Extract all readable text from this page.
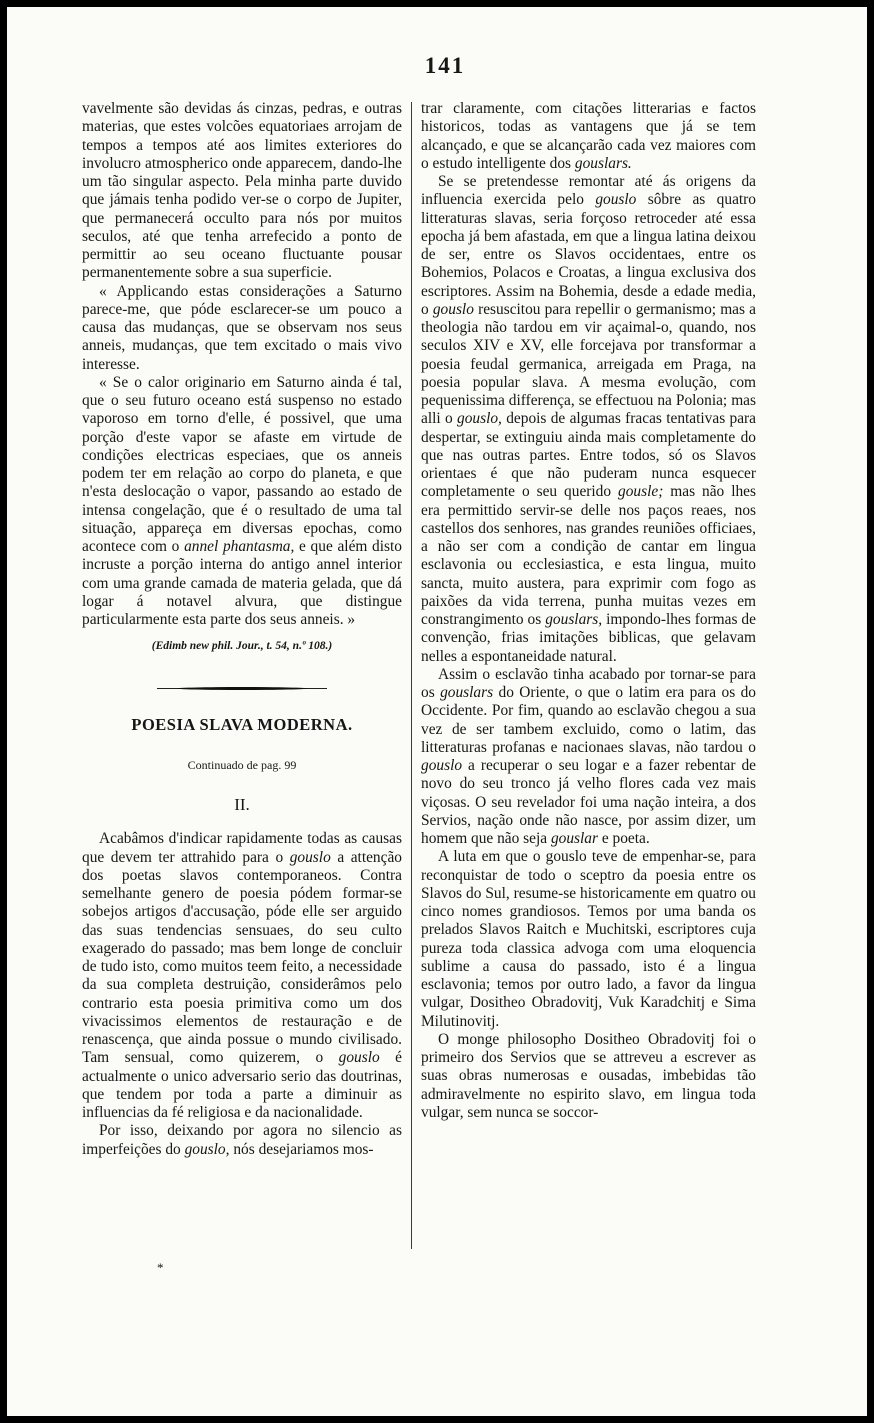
141

vavelmente são devidas ás cinzas, pedras, e outras materias, que estes volcões equatoriaes arrojam de tempos a tempos até aos limites exteriores do involucro atmospherico onde apparecem, dando-lhe um tão singular aspecto. Pela minha parte duvido que jámais tenha podido ver-se o corpo de Jupiter, que permanecerá occulto para nós por muitos seculos, até que tenha arrefecido a ponto de permittir ao seu oceano fluctuante pousar permanentemente sobre a sua superficie.

« Applicando estas considerações a Saturno parece-me, que póde esclarecer-se um pouco a causa das mudanças, que se observam nos seus anneis, mudanças, que tem excitado o mais vivo interesse.

« Se o calor originario em Saturno ainda é tal, que o seu futuro oceano está suspenso no estado vaporoso em torno d'elle, é possivel, que uma porção d'este vapor se afaste em virtude de condições electricas especiaes, que os anneis podem ter em relação ao corpo do planeta, e que n'esta deslocação o vapor, passando ao estado de intensa congelação, que é o resultado de uma tal situação, appareça em diversas epochas, como acontece com o annel phantasma, e que além disto incruste a porção interna do antigo annel interior com uma grande camada de materia gelada, que dá logar á notavel alvura, que distingue particularmente esta parte dos seus anneis. »

(Edimb new phil. Jour., t. 54, n.º 108.)
POESIA SLAVA MODERNA.
Continuado de pag. 99
II.

Acabâmos d'indicar rapidamente todas as causas que devem ter attrahido para o gouslo a attenção dos poetas slavos contemporaneos. Contra semelhante genero de poesia pódem formar-se sobejos artigos d'accusação, póde elle ser arguido das suas tendencias sensuaes, do seu culto exagerado do passado; mas bem longe de concluir de tudo isto, como muitos teem feito, a necessidade da sua completa destruição, considerâmos pelo contrario esta poesia primitiva como um dos vivacissimos elementos de restauração e de renascença, que ainda possue o mundo civilisado. Tam sensual, como quizerem, o gouslo é actualmente o unico adversario serio das doutrinas, que tendem por toda a parte a diminuir as influencias da fé religiosa e da nacionalidade.

Por isso, deixando por agora no silencio as imperfeições do gouslo, nós desejariamos mos-

trar claramente, com citações litterarias e factos historicos, todas as vantagens que já se tem alcançado, e que se alcançarão cada vez maiores com o estudo intelligente dos gouslars.

Se se pretendesse remontar até ás origens da influencia exercida pelo gouslo sôbre as quatro litteraturas slavas, seria forçoso retroceder até essa epocha já bem afastada, em que a lingua latina deixou de ser, entre os Slavos occidentaes, entre os Bohemios, Polacos e Croatas, a lingua exclusiva dos escriptores. Assim na Bohemia, desde a edade media, o gouslo resuscitou para repellir o germanismo; mas a theologia não tardou em vir açaimal-o, quando, nos seculos XIV e XV, elle forcejava por transformar a poesia feudal germanica, arreigada em Praga, na poesia popular slava. A mesma evolução, com pequenissima differença, se effectuou na Polonia; mas alli o gouslo, depois de algumas fracas tentativas para despertar, se extinguiu ainda mais completamente do que nas outras partes. Entre todos, só os Slavos orientaes é que não puderam nunca esquecer completamente o seu querido gousle; mas não lhes era permittido servir-se delle nos paços reaes, nos castellos dos senhores, nas grandes reuniões officiaes, a não ser com a condição de cantar em lingua esclavonia ou ecclesiastica, e esta lingua, muito sancta, muito austera, para exprimir com fogo as paixões da vida terrena, punha muitas vezes em constrangimento os gouslars, impondo-lhes formas de convenção, frias imitações biblicas, que gelavam nelles a espontaneidade natural.

Assim o esclavão tinha acabado por tornar-se para os gouslars do Oriente, o que o latim era para os do Occidente. Por fim, quando ao esclavão chegou a sua vez de ser tambem excluido, como o latim, das litteraturas profanas e nacionaes slavas, não tardou o gouslo a recuperar o seu logar e a fazer rebentar de novo do seu tronco já velho flores cada vez mais viçosas. O seu revelador foi uma nação inteira, a dos Servios, nação onde não nasce, por assim dizer, um homem que não seja gouslar e poeta.

A luta em que o gouslo teve de empenhar-se, para reconquistar de todo o sceptro da poesia entre os Slavos do Sul, resume-se historicamente em quatro ou cinco nomes grandiosos. Temos por uma banda os prelados Slavos Raitch e Muchitski, escriptores cuja pureza toda classica advoga com uma eloquencia sublime a causa do passado, isto é a lingua esclavonia; temos por outro lado, a favor da lingua vulgar, Dositheo Obradovitj, Vuk Karadchitj e Sima Milutinovitj.

O monge philosopho Dositheo Obradovitj foi o primeiro dos Servios que se attreveu a escrever as suas obras numerosas e ousadas, imbebidas tão admiravelmente no espirito slavo, em lingua toda vulgar, sem nunca se soccor-

*
